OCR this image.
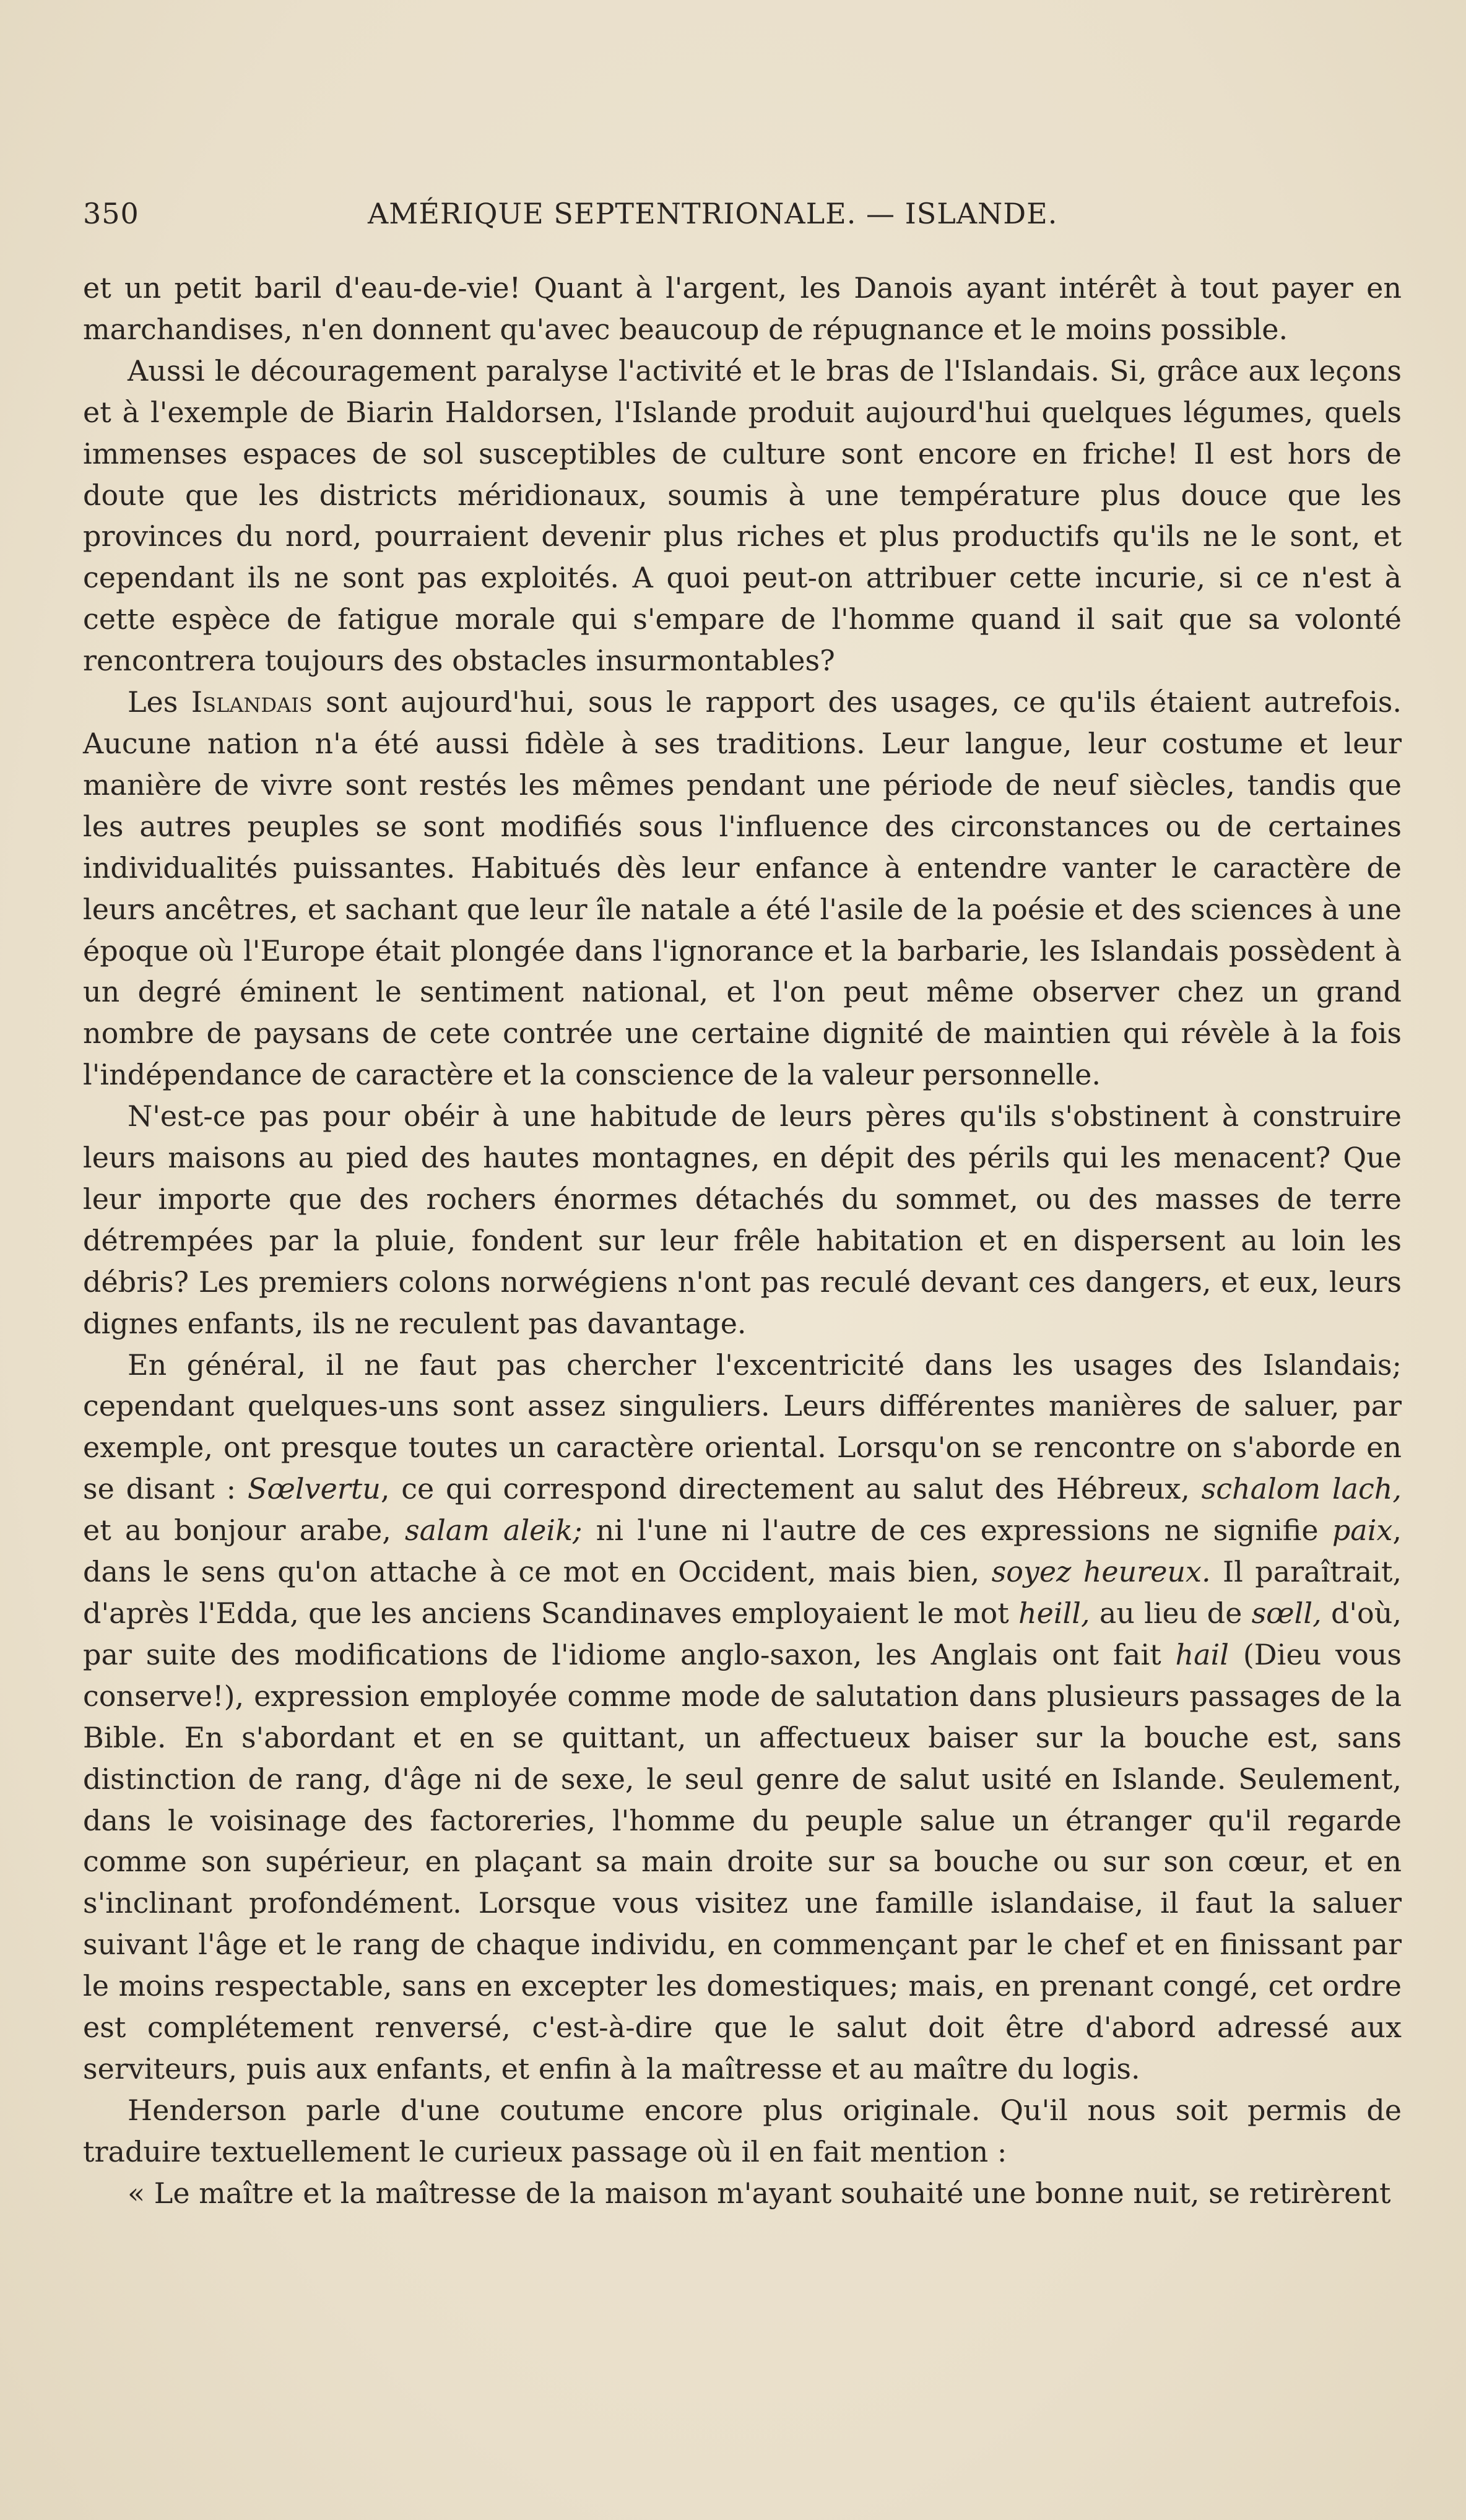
350	AMÉRIQUE SEPTENTRIONALE. — ISLANDE.

et un petit baril d'eau-de-vie! Quant à l'argent, les Danois ayant intérêt à tout payer en marchandises, n'en donnent qu'avec beaucoup de répugnance et le moins possible.

Aussi le découragement paralyse l'activité et le bras de l'Islandais. Si, grâce aux leçons et à l'exemple de Biarin Haldorsen, l'Islande produit aujourd'hui quelques légumes, quels immenses espaces de sol susceptibles de culture sont encore en friche! Il est hors de doute que les districts méridionaux, soumis à une température plus douce que les provinces du nord, pourraient devenir plus riches et plus productifs qu'ils ne le sont, et cependant ils ne sont pas exploités. A quoi peut-on attribuer cette incurie, si ce n'est à cette espèce de fatigue morale qui s'empare de l'homme quand il sait que sa volonté rencontrera toujours des obstacles insurmontables?

Les Islandais sont aujourd'hui, sous le rapport des usages, ce qu'ils étaient autrefois. Aucune nation n'a été aussi fidèle à ses traditions. Leur langue, leur costume et leur manière de vivre sont restés les mêmes pendant une période de neuf siècles, tandis que les autres peuples se sont modifiés sous l'influence des circonstances ou de certaines individualités puissantes. Habitués dès leur enfance à entendre vanter le caractère de leurs ancêtres, et sachant que leur île natale a été l'asile de la poésie et des sciences à une époque où l'Europe était plongée dans l'ignorance et la barbarie, les Islandais possèdent à un degré éminent le sentiment national, et l'on peut même observer chez un grand nombre de paysans de cete contrée une certaine dignité de maintien qui révèle à la fois l'indépendance de caractère et la conscience de la valeur personnelle.

N'est-ce pas pour obéir à une habitude de leurs pères qu'ils s'obstinent à construire leurs maisons au pied des hautes montagnes, en dépit des périls qui les menacent? Que leur importe que des rochers énormes détachés du sommet, ou des masses de terre détrempées par la pluie, fondent sur leur frêle habitation et en dispersent au loin les débris? Les premiers colons norwégiens n'ont pas reculé devant ces dangers, et eux, leurs dignes enfants, ils ne reculent pas davantage.

En général, il ne faut pas chercher l'excentricité dans les usages des Islandais; cependant quelques-uns sont assez singuliers. Leurs différentes manières de saluer, par exemple, ont presque toutes un caractère oriental. Lorsqu'on se rencontre on s'aborde en se disant : Sœlvertu, ce qui correspond directement au salut des Hébreux, schalom lach, et au bonjour arabe, salam aleik; ni l'une ni l'autre de ces expressions ne signifie paix, dans le sens qu'on attache à ce mot en Occident, mais bien, soyez heureux. Il paraîtrait, d'après l'Edda, que les anciens Scandinaves employaient le mot heill, au lieu de sœll, d'où, par suite des modifications de l'idiome anglo-saxon, les Anglais ont fait hail (Dieu vous conserve!), expression employée comme mode de salutation dans plusieurs passages de la Bible. En s'abordant et en se quittant, un affectueux baiser sur la bouche est, sans distinction de rang, d'âge ni de sexe, le seul genre de salut usité en Islande. Seulement, dans le voisinage des factoreries, l'homme du peuple salue un étranger qu'il regarde comme son supérieur, en plaçant sa main droite sur sa bouche ou sur son cœur, et en s'inclinant profondément. Lorsque vous visitez une famille islandaise, il faut la saluer suivant l'âge et le rang de chaque individu, en commençant par le chef et en finissant par le moins respectable, sans en excepter les domestiques; mais, en prenant congé, cet ordre est complétement renversé, c'est-à-dire que le salut doit être d'abord adressé aux serviteurs, puis aux enfants, et enfin à la maîtresse et au maître du logis.

Henderson parle d'une coutume encore plus originale. Qu'il nous soit permis de traduire textuellement le curieux passage où il en fait mention :

« Le maître et la maîtresse de la maison m'ayant souhaité une bonne nuit, se retirèrent
